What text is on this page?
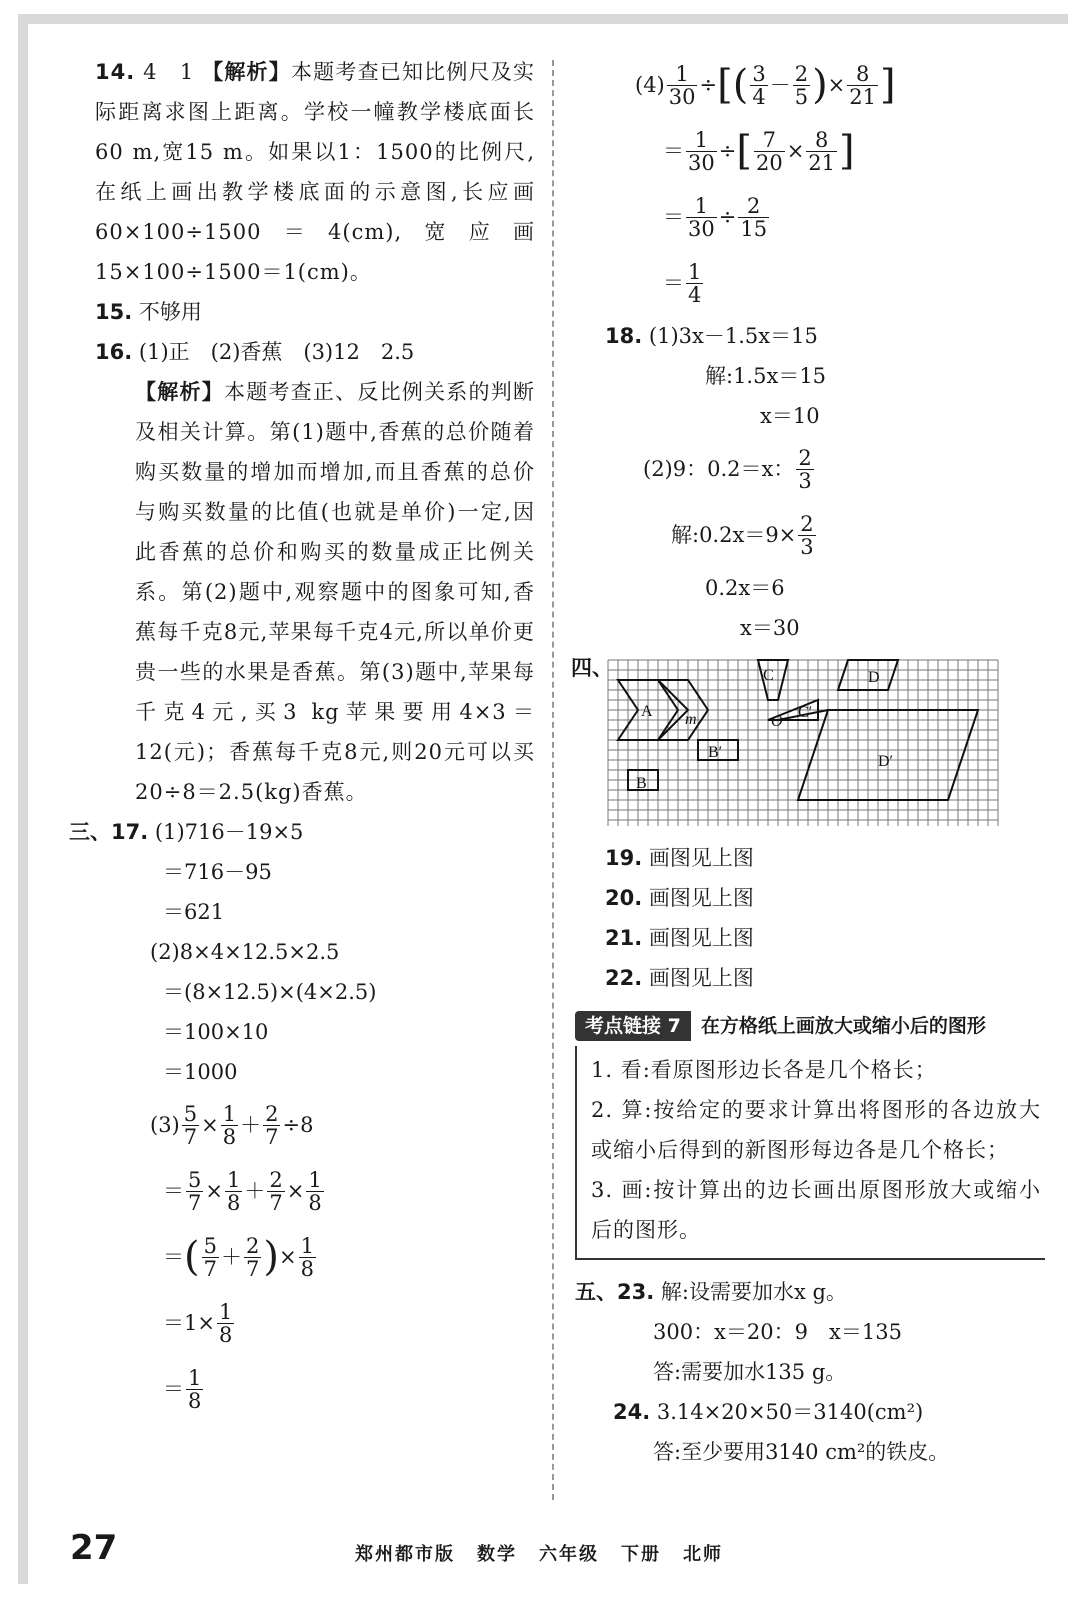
14. 4　1 【解析】本题考查已知比例尺及实际距离求图上距离。学校一幢教学楼底面长60 m,宽15 m。如果以1：1500的比例尺,在纸上画出教学楼底面的示意图,长应画60×100÷1500＝4(cm),宽应画15×100÷1500＝1(cm)。
15. 不够用
16. (1)正　(2)香蕉　(3)12　2.5
【解析】本题考查正、反比例关系的判断及相关计算。第(1)题中,香蕉的总价随着购买数量的增加而增加,而且香蕉的总价与购买数量的比值(也就是单价)一定,因此香蕉的总价和购买的数量成正比例关系。第(2)题中,观察题中的图象可知,香蕉每千克8元,苹果每千克4元,所以单价更贵一些的水果是香蕉。第(3)题中,苹果每千克4元,买3 kg苹果要用4×3＝12(元)；香蕉每千克8元,则20元可以买20÷8＝2.5(kg)香蕉。
三、17. (1)716－19×5
＝716－95
＝621
(2)8×4×12.5×2.5
＝(8×12.5)×(4×2.5)
＝100×10
＝1000
$(3) \frac{5}{7} \times \frac{1}{8} + \frac{2}{7} \div 8$
＝ $\frac{5}{7} \times \frac{1}{8} + \frac{2}{7} \times \frac{1}{8}$
＝ ( $\frac{5}{7} + \frac{2}{7}$ ) × $\frac{1}{8}$
＝ $1 \times \frac{1}{8}$
＝ $\frac{1}{8}$
$(4) \frac{1}{30}$ ÷ [ ( $\frac{3}{4} - \frac{2}{5}$ ) × $\frac{8}{21}$ ]
＝ $\frac{1}{30}$ ÷ [ $\frac{7}{20} \times \frac{8}{21}$ ]
＝ $\frac{1}{30} \div \frac{2}{15}$
＝ $\frac{1}{4}$
18. (1)3x－1.5x＝15
解:1.5x＝15
x＝10
(2)9：0.2＝x： $\frac{2}{3}$
解:0.2x＝9× $\frac{2}{3}$
0.2x＝6
x＝30
四、
A m
B
B′
C
C′
O
D
D′
19. 画图见上图
20. 画图见上图
21. 画图见上图
22. 画图见上图
考点链接 7	在方格纸上画放大或缩小后的图形
1. 看:看原图形边长各是几个格长；
2. 算:按给定的要求计算出将图形的各边放大或缩小后得到的新图形每边各是几个格长；
3. 画:按计算出的边长画出原图形放大或缩小后的图形。
五、23. 解:设需要加水x g。
300：x＝20：9　x＝135
答:需要加水135 g。
24. 3.14×20×50＝3140(cm²)
答:至少要用3140 cm²的铁皮。
27	郑州都市版 数学 六年级 下册 北师
